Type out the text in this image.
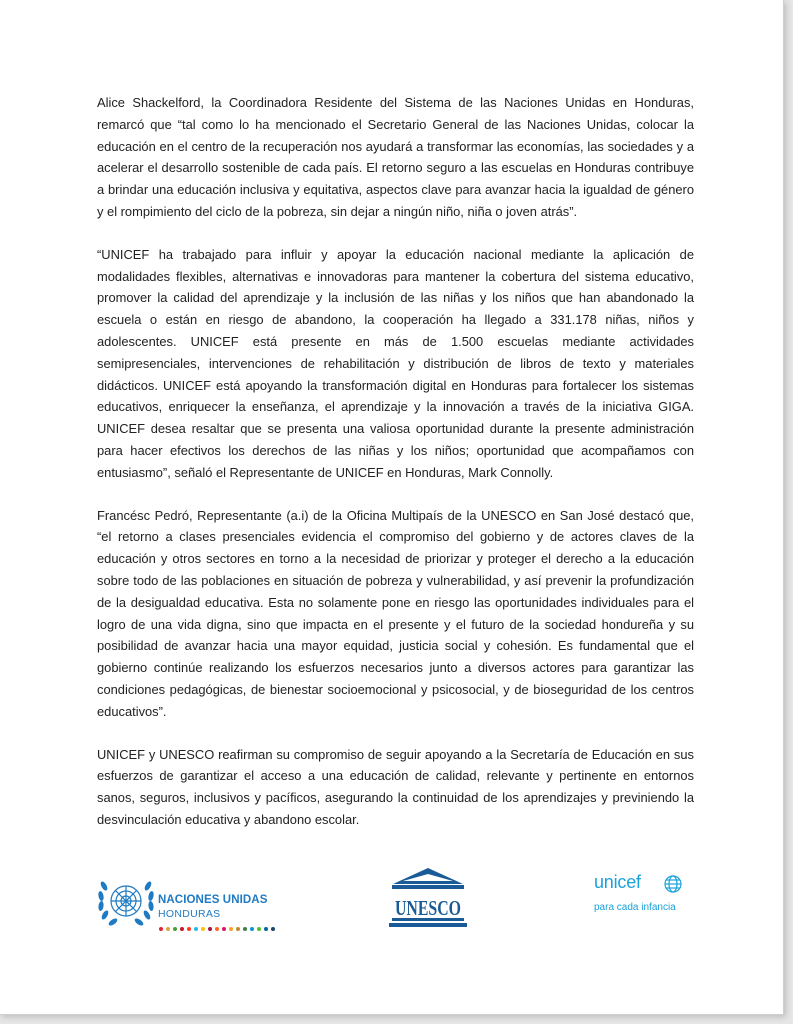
Alice Shackelford, la Coordinadora Residente del Sistema de las Naciones Unidas en Honduras, remarcó que “tal como lo ha mencionado el Secretario General de las Naciones Unidas, colocar la educación en el centro de la recuperación nos ayudará a transformar las economías, las sociedades y a acelerar el desarrollo sostenible de cada país. El retorno seguro a las escuelas en Honduras contribuye a brindar una educación inclusiva y equitativa, aspectos clave para avanzar hacia la igualdad de género y el rompimiento del ciclo de la pobreza, sin dejar a ningún niño, niña o joven atrás”.

“UNICEF ha trabajado para influir y apoyar la educación nacional mediante la aplicación de modalidades flexibles, alternativas e innovadoras para mantener la cobertura del sistema educativo, promover la calidad del aprendizaje y la inclusión de las niñas y los niños que han abandonado la escuela o están en riesgo de abandono, la cooperación ha llegado a 331.178 niñas, niños y adolescentes. UNICEF está presente en más de 1.500 escuelas mediante actividades semipresenciales, intervenciones de rehabilitación y distribución de libros de texto y materiales didácticos. UNICEF está apoyando la transformación digital en Honduras para fortalecer los sistemas educativos, enriquecer la enseñanza, el aprendizaje y la innovación a través de la iniciativa GIGA. UNICEF desea resaltar que se presenta una valiosa oportunidad durante la presente administración para hacer efectivos los derechos de las niñas y los niños; oportunidad que acompañamos con entusiasmo”, señaló el Representante de UNICEF en Honduras, Mark Connolly.

Francésc Pedró, Representante (a.i) de la Oficina Multipaís de la UNESCO en San José destacó que, “el retorno a clases presenciales evidencia el compromiso del gobierno y de actores claves de la educación y otros sectores en torno a la necesidad de priorizar y proteger el derecho a la educación sobre todo de las poblaciones en situación de pobreza y vulnerabilidad, y así prevenir la profundización de la desigualdad educativa. Esta no solamente pone en riesgo las oportunidades individuales para el logro de una vida digna, sino que impacta en el presente y el futuro de la sociedad hondureña y su posibilidad de avanzar hacia una mayor equidad, justicia social y cohesión. Es fundamental que el gobierno continúe realizando los esfuerzos necesarios junto a diversos actores para garantizar las condiciones pedagógicas, de bienestar socioemocional y psicosocial, y de bioseguridad de los centros educativos”.

UNICEF y UNESCO reafirman su compromiso de seguir apoyando a la Secretaría de Educación en sus esfuerzos de garantizar el acceso a una educación de calidad, relevante y pertinente en entornos sanos, seguros, inclusivos y pacíficos, asegurando la continuidad de los aprendizajes y previniendo la desvinculación educativa y abandono escolar.

NACIONES UNIDAS
HONDURAS	UNESCO
unicef
para cada infancia
